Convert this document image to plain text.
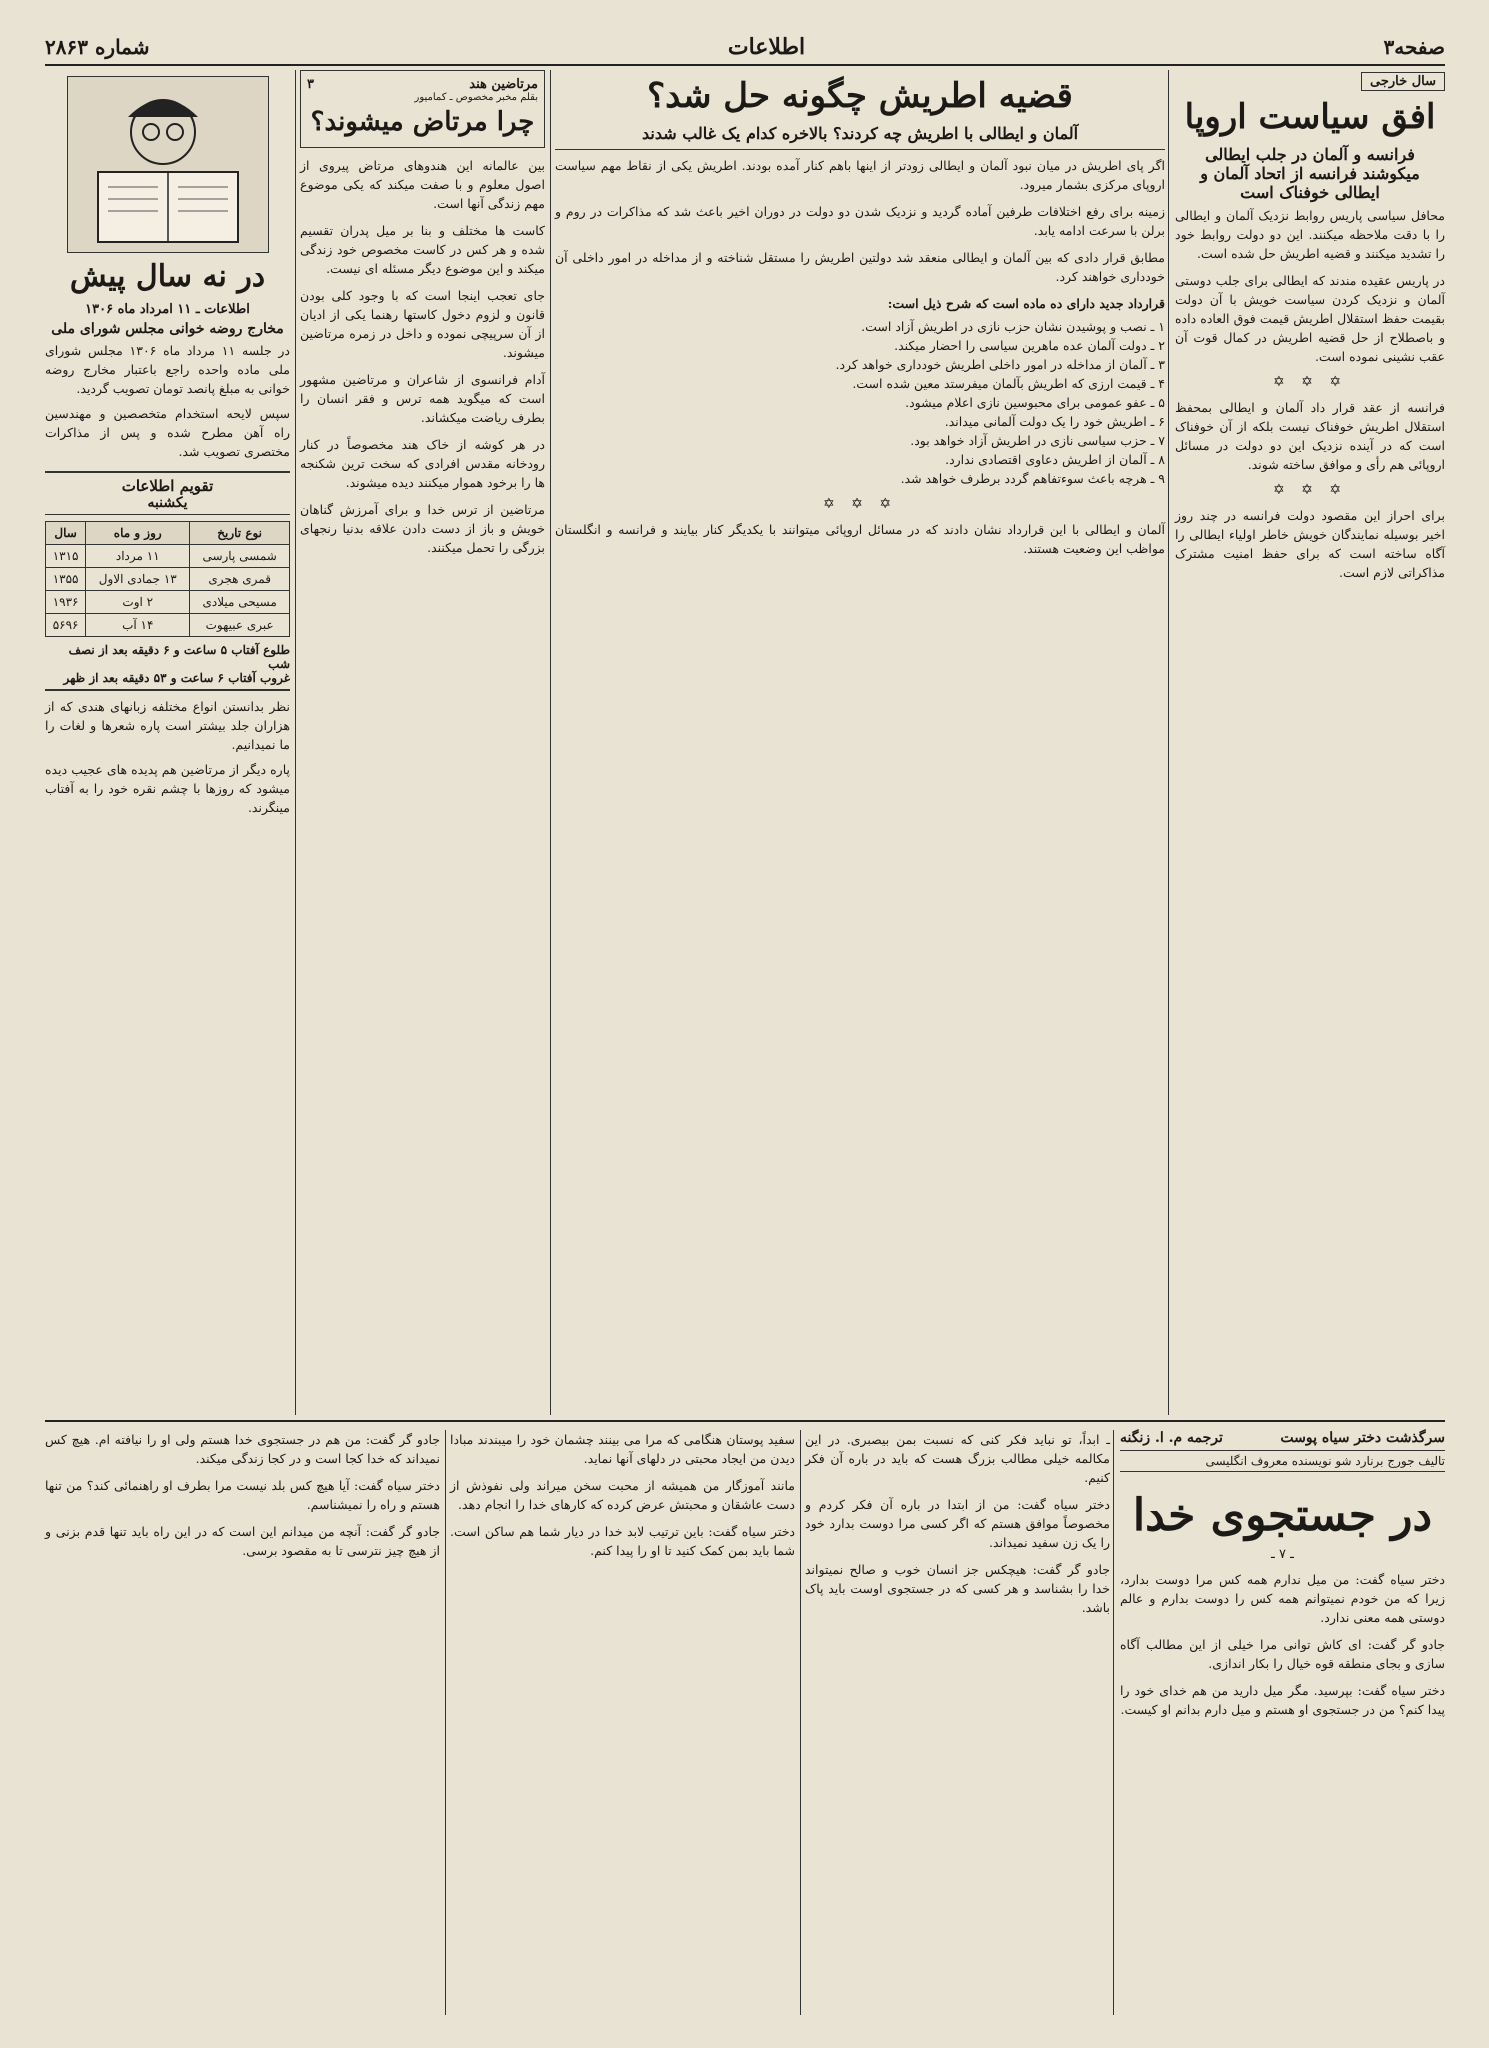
صفحه۳
اطلاعات
شماره ۲۸۶۳
سال خارجی
افق سیاست اروپا
فرانسه و آلمان در جلب ایطالی میکوشند فرانسه از اتحاد آلمان و ایطالی خوفناک است

محافل سیاسی پاریس روابط نزدیک آلمان و ایطالی را با دقت ملاحظه میکنند. این دو دولت روابط خود را تشدید میکنند و قضیه اطریش حل شده است.

در پاریس عقیده مندند که ایطالی برای جلب دوستی آلمان و نزدیک کردن سیاست خویش با آن دولت بقیمت حفظ استقلال اطریش قیمت فوق العاده داده و باصطلاح از حل قضیه اطریش در کمال قوت آن عقب نشینی نموده است.

✡ ✡ ✡

فرانسه از عقد قرار داد آلمان و ایطالی بمحفظ استقلال اطریش خوفناک نیست بلکه از آن خوفناک است که در آینده نزدیک این دو دولت در مسائل اروپائی هم رأی و موافق ساخته شوند.

✡ ✡ ✡

برای احراز این مقصود دولت فرانسه در چند روز اخیر بوسیله نمایندگان خویش خاطر اولیاء ایطالی را آگاه ساخته است که برای حفظ امنیت مشترک مذاکراتی لازم است.

قضیه اطریش چگونه حل شد؟
آلمان و ایطالی با اطریش چه کردند؟ بالاخره کدام یک غالب شدند

اگر پای اطریش در میان نبود آلمان و ایطالی زودتر از اینها باهم کنار آمده بودند. اطریش یکی از نقاط مهم سیاست اروپای مرکزی بشمار میرود.

زمینه برای رفع اختلافات طرفین آماده گردید و نزدیک شدن دو دولت در دوران اخیر باعث شد که مذاکرات در روم و برلن با سرعت ادامه یابد.

مطابق قرار دادی که بین آلمان و ایطالی منعقد شد دولتین اطریش را مستقل شناخته و از مداخله در امور داخلی آن خودداری خواهند کرد.

قرارداد جدید دارای ده ماده است که شرح ذیل است:

۱ ـ نصب و پوشیدن نشان حزب نازی در اطریش آزاد است.

۲ ـ دولت آلمان عده ماهرین سیاسی را احضار میکند.

۳ ـ آلمان از مداخله در امور داخلی اطریش خودداری خواهد کرد.

۴ ـ قیمت ارزی که اطریش بآلمان میفرستد معین شده است.

۵ ـ عفو عمومی برای محبوسین نازی اعلام میشود.

۶ ـ اطریش خود را یک دولت آلمانی میداند.

۷ ـ حزب سیاسی نازی در اطریش آزاد خواهد بود.

۸ ـ آلمان از اطریش دعاوی اقتصادی ندارد.

۹ ـ هرچه باعث سوءتفاهم گردد برطرف خواهد شد.

✡ ✡ ✡

آلمان و ایطالی با این قرارداد نشان دادند که در مسائل اروپائی میتوانند با یکدیگر کنار بیایند و فرانسه و انگلستان مواظب این وضعیت هستند.

مرتاضین هند
۳
بقلم مخبر مخصوص ـ کمامیور
چرا مرتاض میشوند؟

بین عالمانه این هندوهای مرتاض پیروی از اصول معلوم و با صفت میکند که یکی موضوع مهم زندگی آنها است.

کاست ها مختلف و بنا بر میل پدران تقسیم شده و هر کس در کاست مخصوص خود زندگی میکند و این موضوع دیگر مسئله ای نیست.

جای تعجب اینجا است که با وجود کلی بودن قانون و لزوم دخول کاستها رهنما یکی از ادیان از آن سرپیچی نموده و داخل در زمره مرتاضین میشوند.

آدام فرانسوی از شاعران و مرتاضین مشهور است که میگوید همه ترس و فقر انسان را بطرف ریاضت میکشاند.

در هر کوشه از خاک هند مخصوصاً در کنار رودخانه مقدس افرادی که سخت ترین شکنجه ها را برخود هموار میکنند دیده میشوند.

مرتاضین از ترس خدا و برای آمرزش گناهان خویش و باز از دست دادن علاقه بدنیا رنجهای بزرگی را تحمل میکنند.

در نه سال پیش
اطلاعات ـ ۱۱ امرداد ماه ۱۳۰۶
مخارج روضه خوانی مجلس شورای ملی

در جلسه ۱۱ مرداد ماه ۱۳۰۶ مجلس شورای ملی ماده واحده راجع باعتبار مخارج روضه خوانی به مبلغ پانصد تومان تصویب گردید.

سپس لایحه استخدام متخصصین و مهندسین راه آهن مطرح شده و پس از مذاکرات مختصری تصویب شد.

تقویم اطلاعات
یکشنبه
نوع تاریخ	روز و ماه	سال
شمسی پارسی	۱۱ مرداد	۱۳۱۵
قمری هجری	۱۳ جمادی الاول	۱۳۵۵
مسیحی میلادی	۲ اوت	۱۹۳۶
عبری عبیهوت	۱۴ آب	۵۶۹۶
طلوع آفتاب ۵ ساعت و ۶ دقیقه بعد از نصف شب
غروب آفتاب ۶ ساعت و ۵۳ دقیقه بعد از ظهر

نظر بدانستن انواع مختلفه زبانهای هندی که از هزاران جلد بیشتر است پاره شعرها و لغات را ما نمیدانیم.

پاره دیگر از مرتاضین هم پدیده های عجیب دیده میشود که روزها با چشم نقره خود را به آفتاب مینگرند.

سرگذشت دختر سیاه پوست
ترجمه م. ا. زنگنه
تالیف جورج برنارد شو نویسنده معروف انگلیسی
در جستجوی خدا
ـ ۷ ـ

دختر سیاه گفت: من میل ندارم همه کس مرا دوست بدارد، زیرا که من خودم نمیتوانم همه کس را دوست بدارم و عالم دوستی همه معنی ندارد.

جادو گر گفت: ای کاش توانی مرا خیلی از این مطالب آگاه سازی و بجای منطقه قوه خیال را بکار اندازی.

دختر سیاه گفت: بپرسید. مگر میل دارید من هم خدای خود را پیدا کنم؟ من در جستجوی او هستم و میل دارم بدانم او کیست.

ـ ابداً، تو نباید فکر کنی که نسبت بمن بیصبری. در این مکالمه خیلی مطالب بزرگ هست که باید در باره آن فکر کنیم.

دختر سیاه گفت: من از ابتدا در باره آن فکر کردم و مخصوصاً موافق هستم که اگر کسی مرا دوست بدارد خود را یک زن سفید نمیداند.

جادو گر گفت: هیچکس جز انسان خوب و صالح نمیتواند خدا را بشناسد و هر کسی که در جستجوی اوست باید پاک باشد.

سفید پوستان هنگامی که مرا می بینند چشمان خود را میبندند مبادا دیدن من ایجاد محبتی در دلهای آنها نماید.

مانند آموزگار من همیشه از محبت سخن میراند ولی نفوذش از دست عاشقان و محبتش عرض کرده که کارهای خدا را انجام دهد.

دختر سیاه گفت: باین ترتیب لابد خدا در دیار شما هم ساکن است. شما باید بمن کمک کنید تا او را پیدا کنم.

جادو گر گفت: من هم در جستجوی خدا هستم ولی او را نیافته ام. هیچ کس نمیداند که خدا کجا است و در کجا زندگی میکند.

دختر سیاه گفت: آیا هیچ کس بلد نیست مرا بطرف او راهنمائی کند؟ من تنها هستم و راه را نمیشناسم.

جادو گر گفت: آنچه من میدانم این است که در این راه باید تنها قدم بزنی و از هیچ چیز نترسی تا به مقصود برسی.
